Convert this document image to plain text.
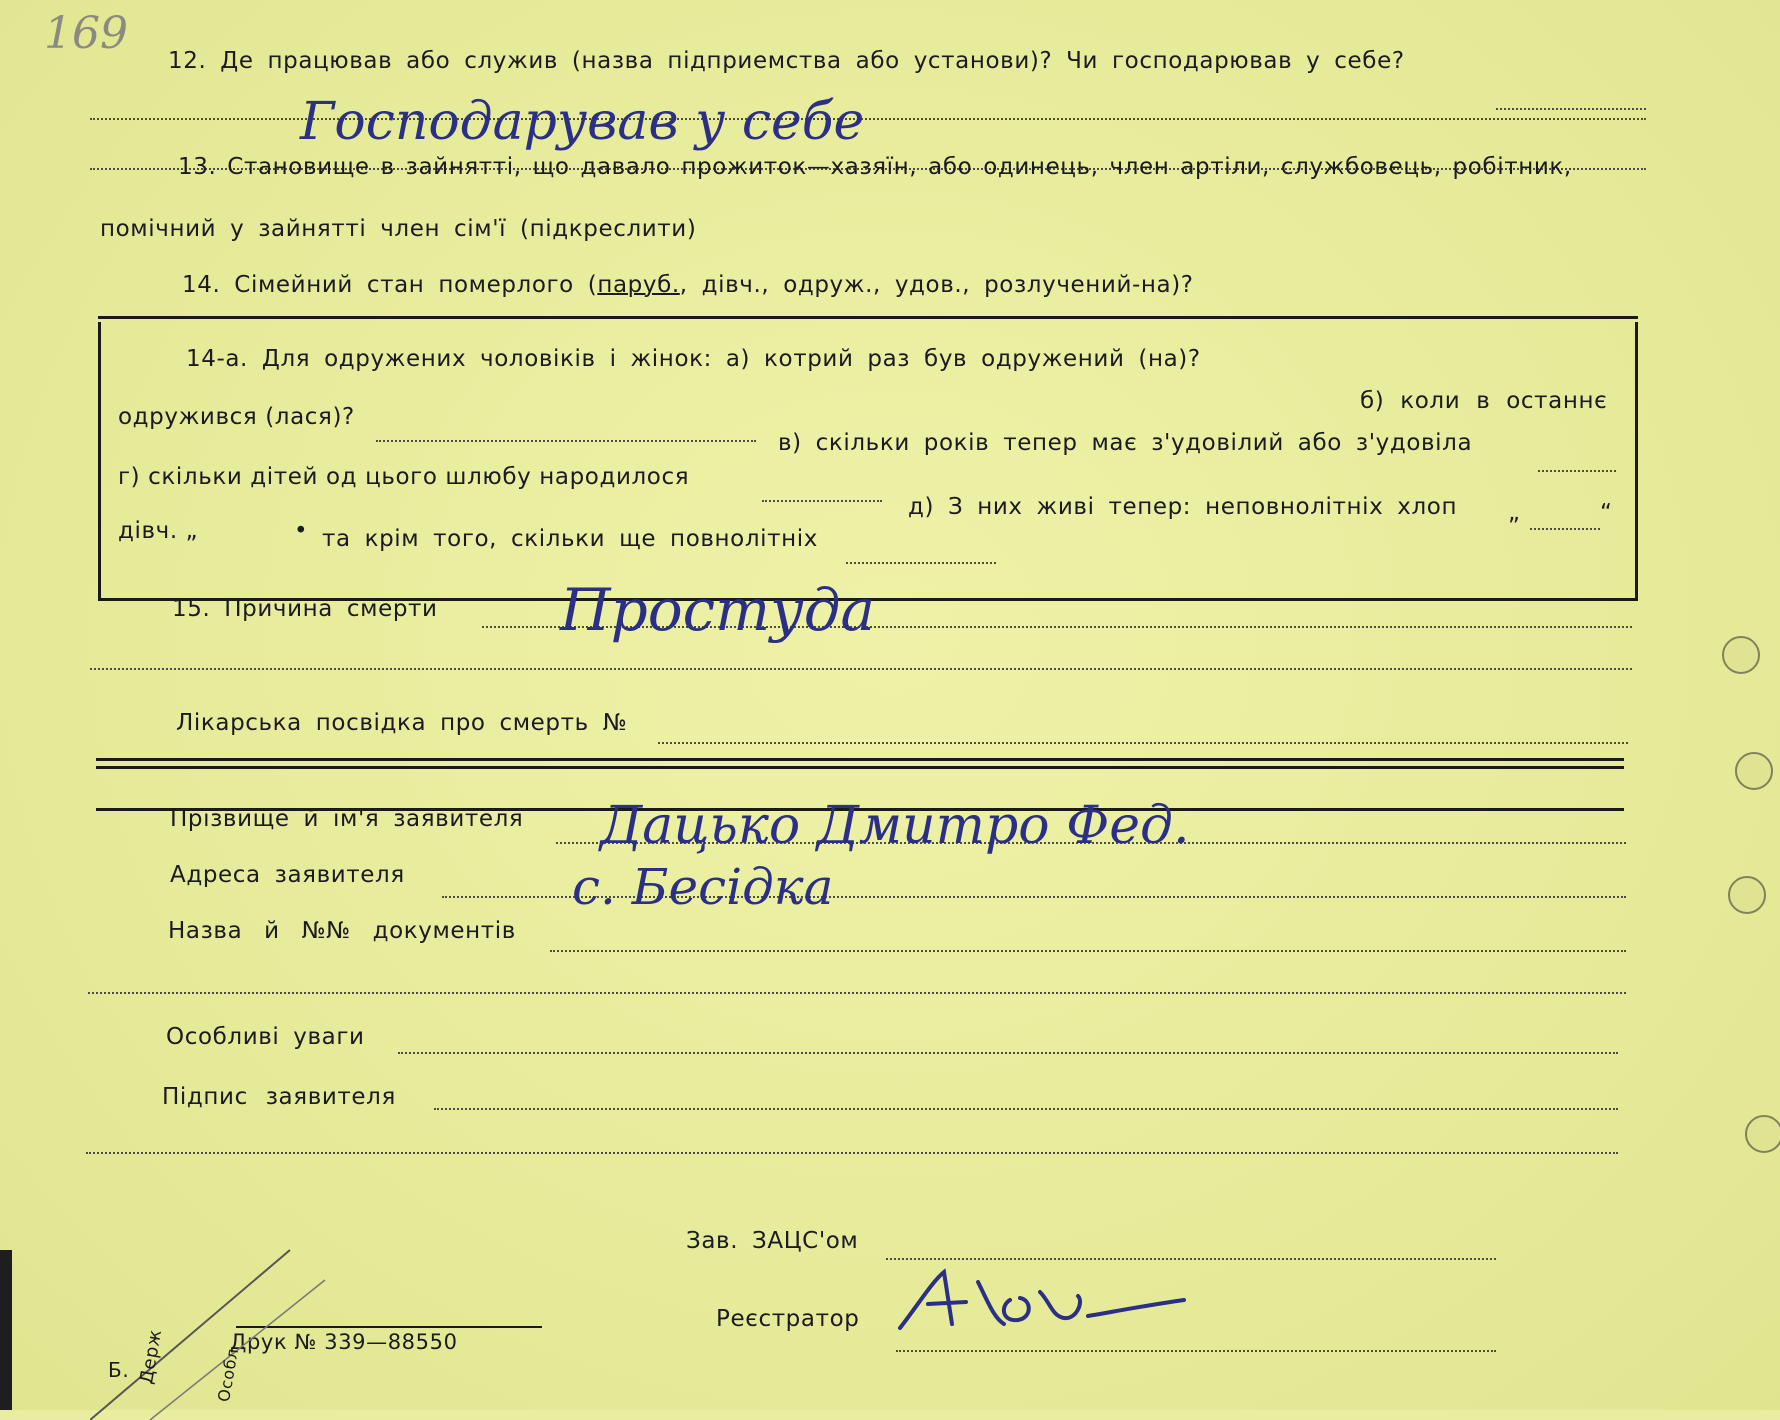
169
12. Де працював або служив (назва підприемства або установи)? Чи господарював у себе?
Господарував у себе
13. Становище в зайнятті, що давало прожиток—хазяїн, або одинець, член артіли, службовець, робітник,
помічний у зайнятті член сім'ї (підкреслити)
14. Сімейний стан померлого (паруб., дівч., одруж., удов., розлучений-на)?
14-а. Для одружених чоловіків і жінок: а) котрий раз був одружений (на)?
б) коли в останнє
одружився (лася)?
в) скільки років тепер має з'удовілий або з'удовіла
г) скільки дітей од цього шлюбу народилося
д) З них живі тепер: неповнолітніх хлоп „	“
дівч. „	• та крім того, скільки ще повнолітніх
15. Причина смерти Простуда
Лікарська посвідка про смерть №
Прізвище й ім'я заявителя Дацько Дмитро Фед.
Адреса заявителя	с. Бесідка
Назва й №№ документів
Особливі уваги
Підпис заявителя
Зав. ЗАЦС'ом
Реєстратор
Друк № 339—88550
Б. Держ	Особл
